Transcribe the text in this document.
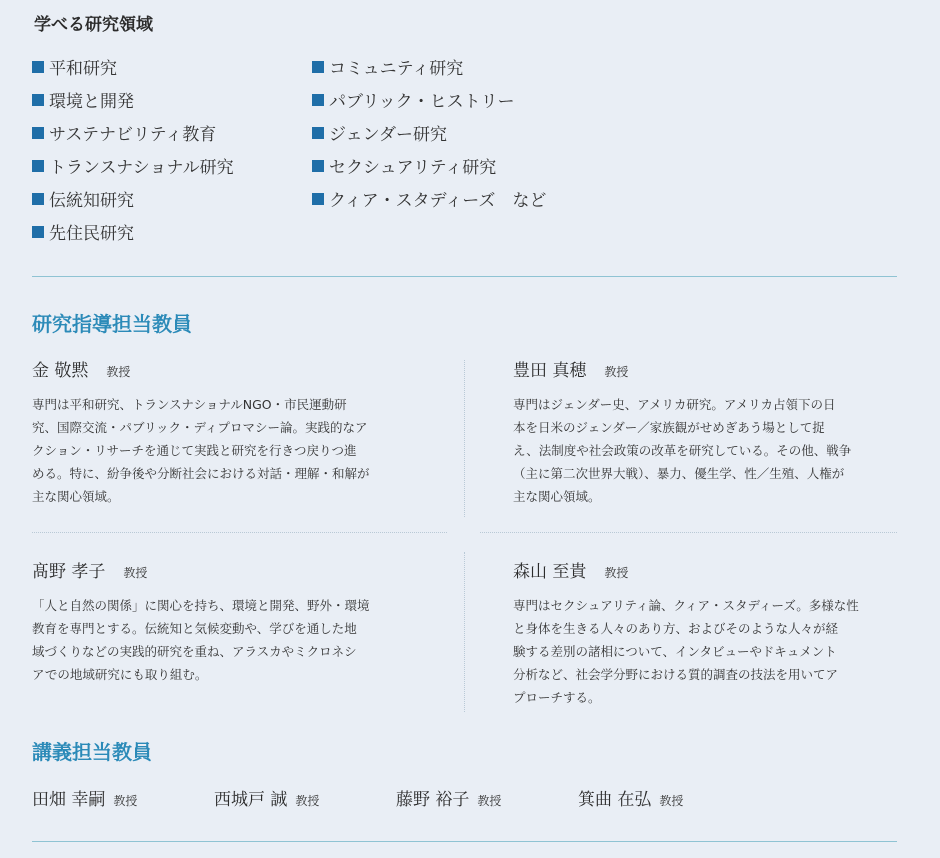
学べる研究領域
平和研究
環境と開発
サステナビリティ教育
トランスナショナル研究
伝統知研究
先住民研究
コミュニティ研究
パブリック・ヒストリー
ジェンダー研究
セクシュアリティ研究
クィア・スタディーズ　など
研究指導担当教員
金 敬黙 教授
専門は平和研究、トランスナショナルNGO・市民運動研
究、国際交流・パブリック・ディプロマシー論。実践的なア
クション・リサーチを通じて実践と研究を行きつ戻りつ進
める。特に、紛争後や分断社会における対話・理解・和解が
主な関心領域。
豊田 真穂 教授
専門はジェンダー史、アメリカ研究。アメリカ占領下の日
本を日米のジェンダー／家族観がせめぎあう場として捉
え、法制度や社会政策の改革を研究している。その他、戦争
（主に第二次世界大戦）、暴力、優生学、性／生殖、人権が
主な関心領域。
髙野 孝子 教授
「人と自然の関係」に関心を持ち、環境と開発、野外・環境
教育を専門とする。伝統知と気候変動や、学びを通した地
域づくりなどの実践的研究を重ね、アラスカやミクロネシ
アでの地域研究にも取り組む。
森山 至貴 教授
専門はセクシュアリティ論、クィア・スタディーズ。多様な性
と身体を生きる人々のあり方、およびそのような人々が経
験する差別の諸相について、インタビューやドキュメント
分析など、社会学分野における質的調査の技法を用いてア
プローチする。
講義担当教員
田畑 幸嗣 教授	西城戸 誠 教授	藤野 裕子 教授	箕曲 在弘 教授
